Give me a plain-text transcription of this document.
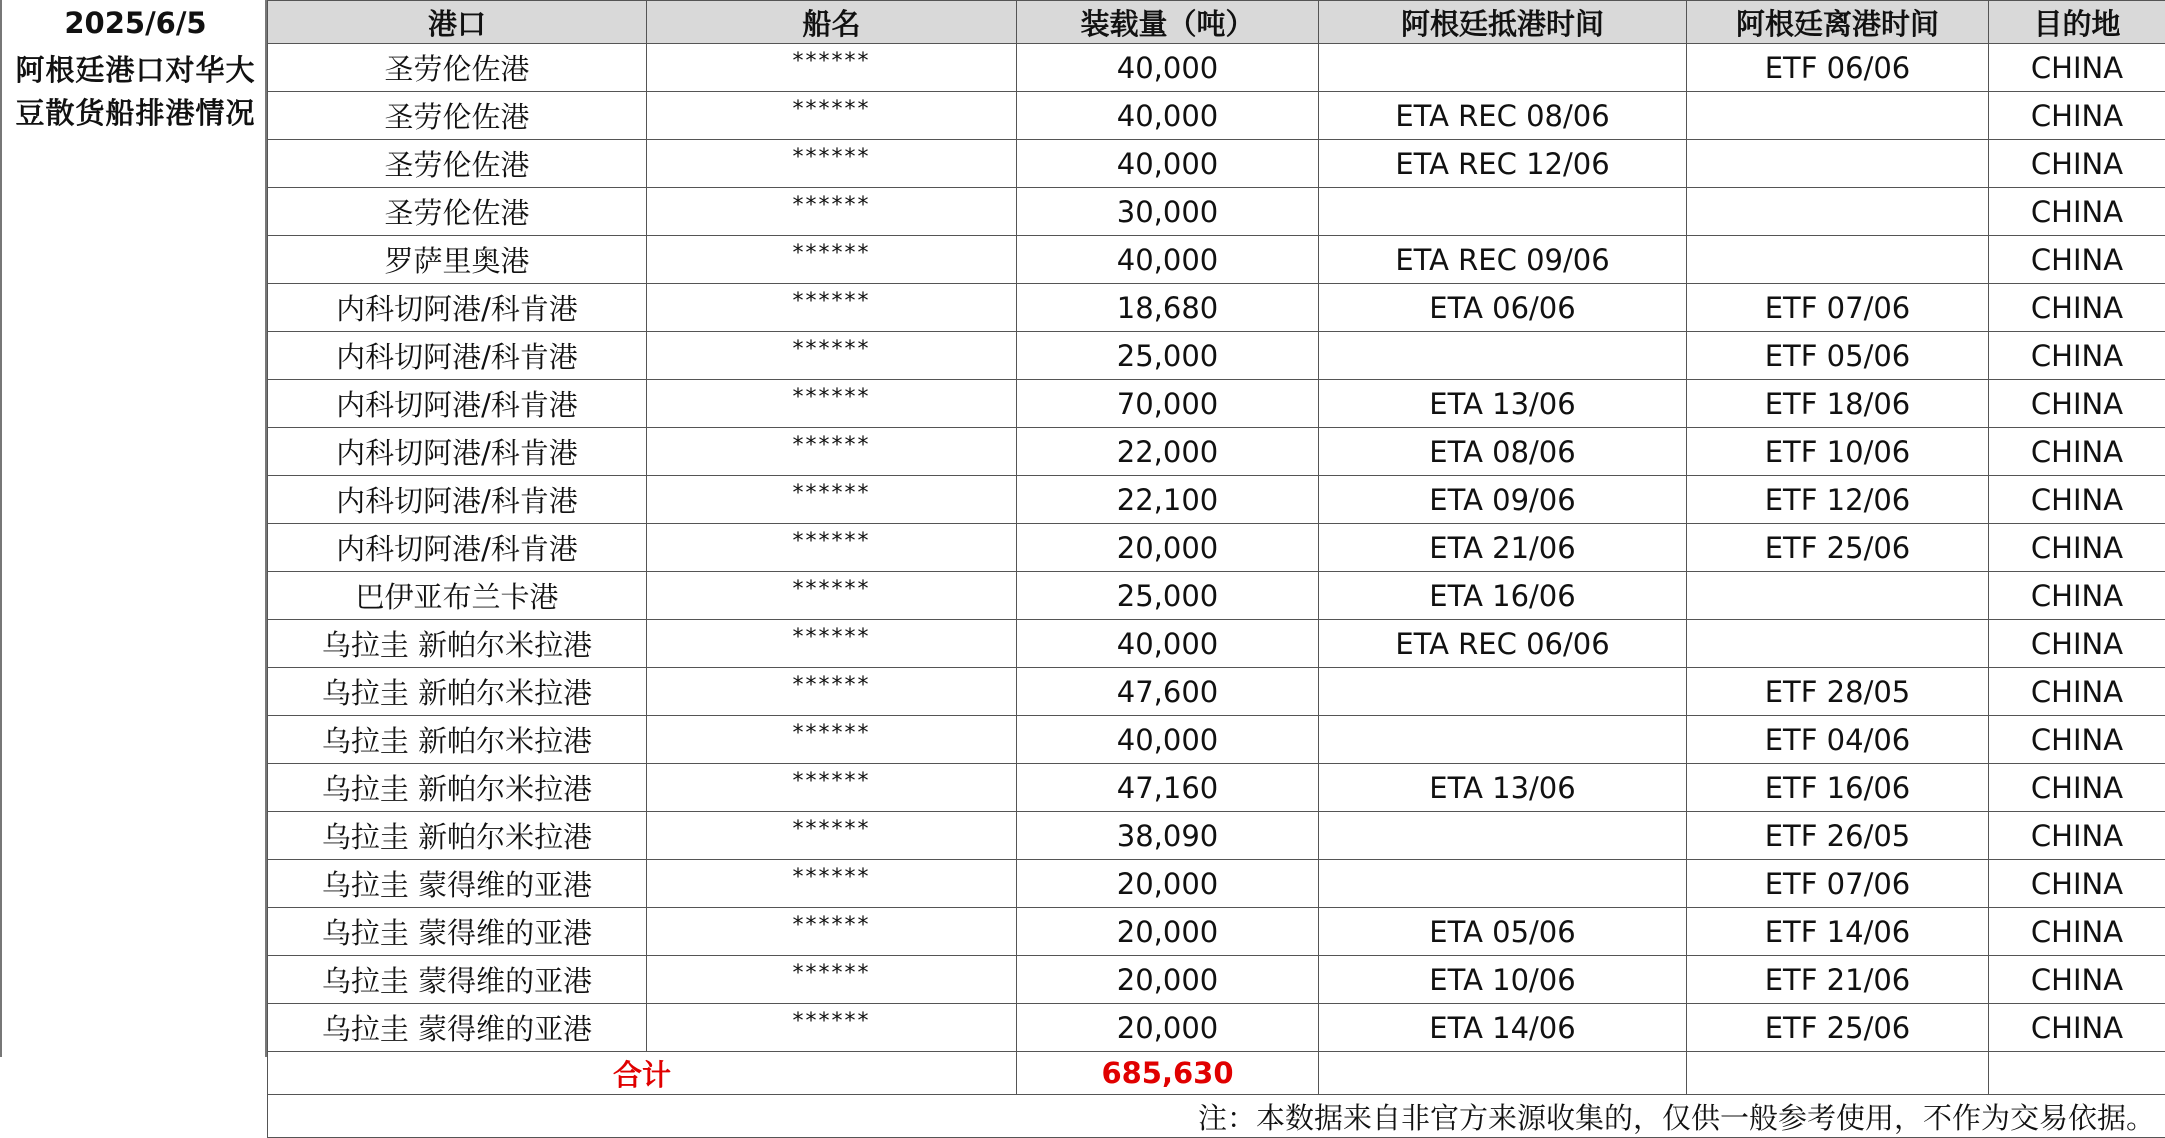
2025/6/5
阿根廷港口对华大
豆散货船排港情况
港口	船名	装载量（吨）	阿根廷抵港时间	阿根廷离港时间	目的地
圣劳伦佐港	******	40,000		ETF 06/06	CHINA
圣劳伦佐港	******	40,000	ETA REC 08/06		CHINA
圣劳伦佐港	******	40,000	ETA REC 12/06		CHINA
圣劳伦佐港	******	30,000			CHINA
罗萨里奥港	******	40,000	ETA REC 09/06		CHINA
内科切阿港/科肯港	******	18,680	ETA 06/06	ETF 07/06	CHINA
内科切阿港/科肯港	******	25,000		ETF 05/06	CHINA
内科切阿港/科肯港	******	70,000	ETA 13/06	ETF 18/06	CHINA
内科切阿港/科肯港	******	22,000	ETA 08/06	ETF 10/06	CHINA
内科切阿港/科肯港	******	22,100	ETA 09/06	ETF 12/06	CHINA
内科切阿港/科肯港	******	20,000	ETA 21/06	ETF 25/06	CHINA
巴伊亚布兰卡港	******	25,000	ETA 16/06		CHINA
乌拉圭 新帕尔米拉港	******	40,000	ETA REC 06/06		CHINA
乌拉圭 新帕尔米拉港	******	47,600		ETF 28/05	CHINA
乌拉圭 新帕尔米拉港	******	40,000		ETF 04/06	CHINA
乌拉圭 新帕尔米拉港	******	47,160	ETA 13/06	ETF 16/06	CHINA
乌拉圭 新帕尔米拉港	******	38,090		ETF 26/05	CHINA
乌拉圭 蒙得维的亚港	******	20,000		ETF 07/06	CHINA
乌拉圭 蒙得维的亚港	******	20,000	ETA 05/06	ETF 14/06	CHINA
乌拉圭 蒙得维的亚港	******	20,000	ETA 10/06	ETF 21/06	CHINA
乌拉圭 蒙得维的亚港	******	20,000	ETA 14/06	ETF 25/06	CHINA
合计		685,630			
注：本数据来自非官方来源收集的，仅供一般参考使用，不作为交易依据。					
